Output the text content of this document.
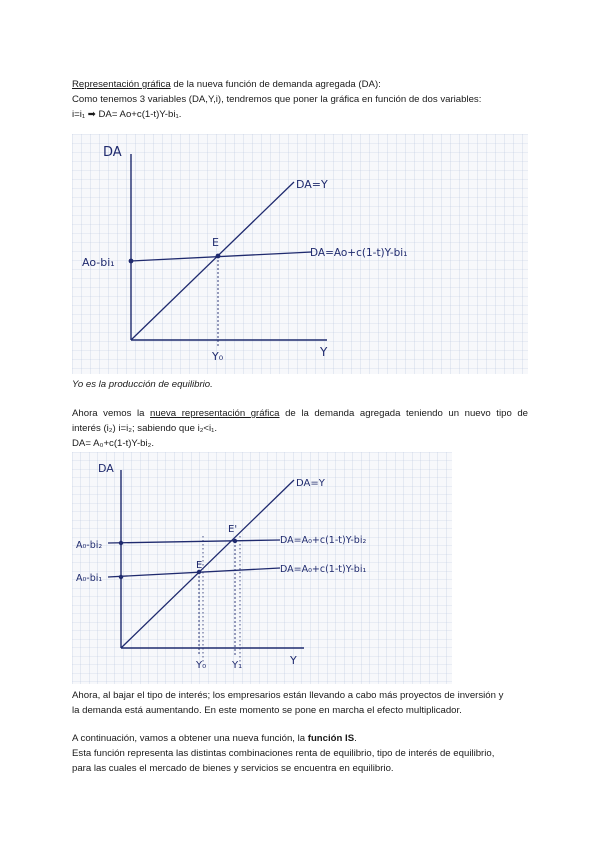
Representación gráfica de la nueva función de demanda agregada (DA):
Como tenemos 3 variables (DA,Y,i), tendremos que poner la gráfica en función de dos variables:
i=i₁ ➡ DA= Ao+c(1-t)Y-bi₁.
DA
Y
Ao-bi₁
DA=Y
DA=Ao+c(1-t)Y-bi₁
E
Y₀
Yo es la producción de equilibrio.
Ahora vemos la nueva representación gráfica de la demanda agregada teniendo un nuevo tipo de
interés (i₂) i=i₂; sabiendo que i₂<i₁.
DA= A₀+c(1-t)Y-bi₂.
DA
Y
A₀-bi₂
A₀-bi₁
DA=Y
DA=A₀+c(1-t)Y-bi₂
DA=A₀+c(1-t)Y-bi₁
E
E'
Y₀	Y₁
Ahora, al bajar el tipo de interés; los empresarios están llevando a cabo más proyectos de inversión y
la demanda está aumentando. En este momento se pone en marcha el efecto multiplicador.
A continuación, vamos a obtener una nueva función, la función IS.
Esta función representa las distintas combinaciones renta de equilibrio, tipo de interés de equilibrio,
para las cuales el mercado de bienes y servicios se encuentra en equilibrio.
